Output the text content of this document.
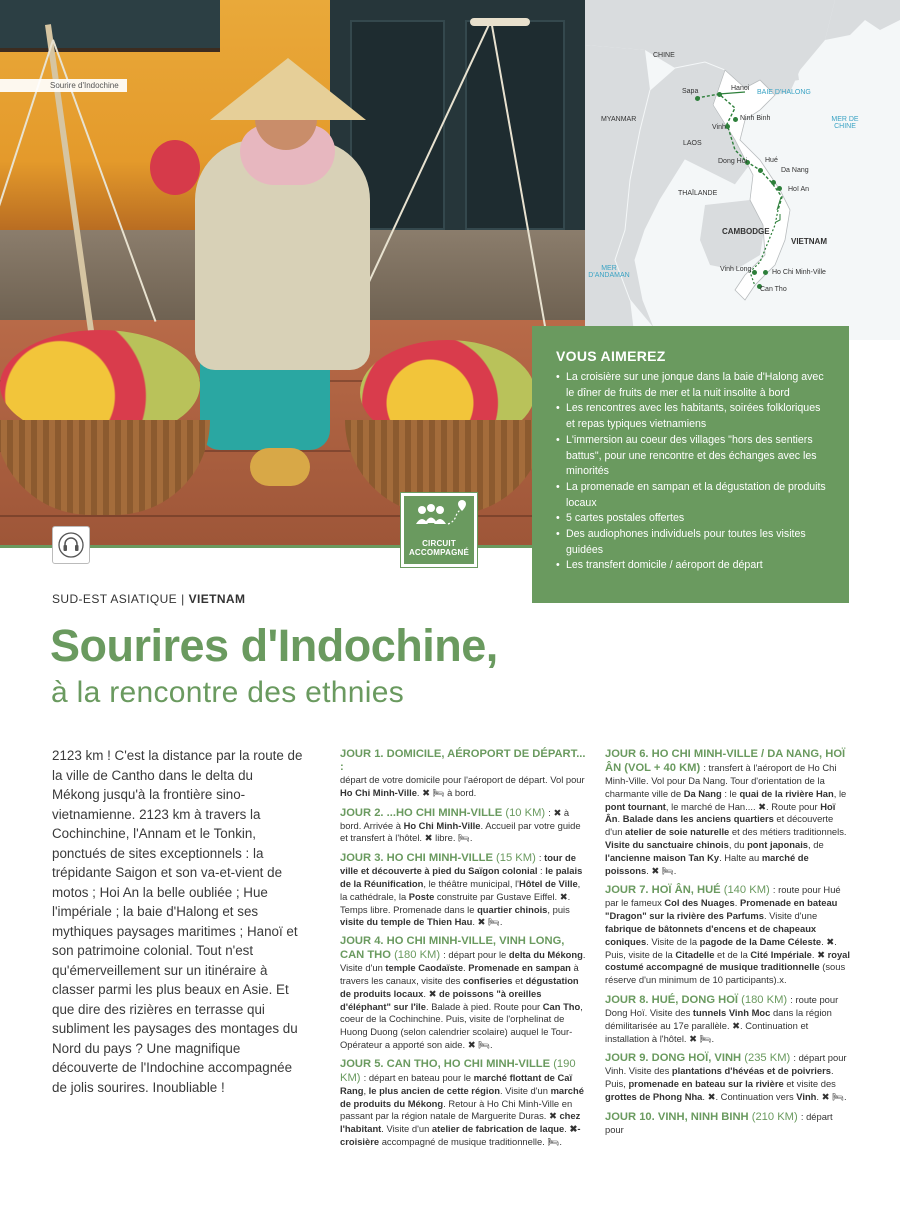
Sourire d'Indochine
CIRCUIT ACCOMPAGNÉ
CHINE
MYANMAR
LAOS
THAÏLANDE
CAMBODGE
VIETNAM
MER DE CHINE
MER D'ANDAMAN
BAIE D'HALONG
Sapa	Hanoi
Ninh Binh
Vinh
Dong Hoi	Hué
Da Nang
Hoï An
Vinh Long	Ho Chi Minh-Ville
Can Tho
VOUS AIMEREZ
• La croisière sur une jonque dans la baie d'Halong avec le dîner de fruits de mer et la nuit insolite à bord
• Les rencontres avec les habitants, soirées folkloriques et repas typiques vietnamiens
• L'immersion au coeur des villages "hors des sentiers battus", pour une rencontre et des échanges avec les minorités
• La promenade en sampan et la dégustation de produits locaux
• 5 cartes postales offertes
• Des audiophones individuels pour toutes les visites guidées
• Les transfert domicile / aéroport de départ
SUD-EST ASIATIQUE | VIETNAM
Sourires d'Indochine,
à la rencontre des ethnies

2123 km ! C'est la distance par la route de la ville de Cantho dans le delta du Mékong jusqu'à la frontière sino-vietnamienne. 2123 km à travers la Cochinchine, l'Annam et le Tonkin, ponctués de sites exceptionnels : la trépidante Saigon et son va-et-vient de motos ; Hoi An la belle oubliée ; Hue l'impériale ; la baie d'Halong et ses mythiques paysages maritimes ; Hanoï et son patrimoine colonial. Tout n'est qu'émerveillement sur un itinéraire à classer parmi les plus beaux en Asie. Et que dire des rizières en terrasse qui subliment les paysages des montages du Nord du pays ? Une magnifique découverte de l'Indochine accompagnée de jolis sourires. Inoubliable !

JOUR 1. DOMICILE, AÉROPORT DE DÉPART... :
départ de votre domicile pour l'aéroport de départ. Vol pour Ho Chi Minh-Ville. ✖ 🛏 à bord.
JOUR 2. ...HO CHI MINH-VILLE (10 KM) : ✖ à bord. Arrivée à Ho Chi Minh-Ville. Accueil par votre guide et transfert à l'hôtel. ✖ libre. 🛏.
JOUR 3. HO CHI MINH-VILLE (15 KM) : tour de ville et découverte à pied du Saïgon colonial : le palais de la Réunification, le théâtre municipal, l'Hôtel de Ville, la cathédrale, la Poste construite par Gustave Eiffel. ✖. Temps libre. Promenade dans le quartier chinois, puis visite du temple de Thien Hau. ✖ 🛏.
JOUR 4. HO CHI MINH-VILLE, VINH LONG, CAN THO (180 KM) : départ pour le delta du Mékong. Visite d'un temple Caodaïste. Promenade en sampan à travers les canaux, visite des confiseries et dégustation de produits locaux. ✖ de poissons "à oreilles d'éléphant" sur l'île. Balade à pied. Route pour Can Tho, coeur de la Cochinchine. Puis, visite de l'orphelinat de Huong Duong (selon calendrier scolaire) auquel le Tour-Opérateur a apporté son aide. ✖ 🛏.
JOUR 5. CAN THO, HO CHI MINH-VILLE (190 KM) : départ en bateau pour le marché flottant de Caï Rang, le plus ancien de cette région. Visite d'un marché de produits du Mékong. Retour à Ho Chi Minh-Ville en passant par la région natale de Marguerite Duras. ✖ chez l'habitant. Visite d'un atelier de fabrication de laque. ✖-croisière accompagné de musique traditionnelle. 🛏.
JOUR 6. HO CHI MINH-VILLE / DA NANG, HOÏ ÂN (VOL + 40 KM) : transfert à l'aéroport de Ho Chi Minh-Ville. Vol pour Da Nang. Tour d'orientation de la charmante ville de Da Nang : le quai de la rivière Han, le pont tournant, le marché de Han.... ✖. Route pour Hoï Ân. Balade dans les anciens quartiers et découverte d'un atelier de soie naturelle et des métiers traditionnels. Visite du sanctuaire chinois, du pont japonais, de l'ancienne maison Tan Ky. Halte au marché de poissons. ✖ 🛏.
JOUR 7. HOÏ ÂN, HUÉ (140 KM) : route pour Hué par le fameux Col des Nuages. Promenade en bateau "Dragon" sur la rivière des Parfums. Visite d'une fabrique de bâtonnets d'encens et de chapeaux coniques. Visite de la pagode de la Dame Céleste. ✖. Puis, visite de la Citadelle et de la Cité Impériale. ✖ royal costumé accompagné de musique traditionnelle (sous réserve d'un minimum de 10 participants).x.
JOUR 8. HUÉ, DONG HOÏ (180 KM) : route pour Dong Hoï. Visite des tunnels Vinh Moc dans la région démilitarisée au 17e parallèle. ✖. Continuation et installation à l'hôtel. ✖ 🛏.
JOUR 9. DONG HOÏ, VINH (235 KM) : départ pour Vinh. Visite des plantations d'hévéas et de poivriers. Puis, promenade en bateau sur la rivière et visite des grottes de Phong Nha. ✖. Continuation vers Vinh. ✖ 🛏.
JOUR 10. VINH, NINH BINH (210 KM) : départ pour
